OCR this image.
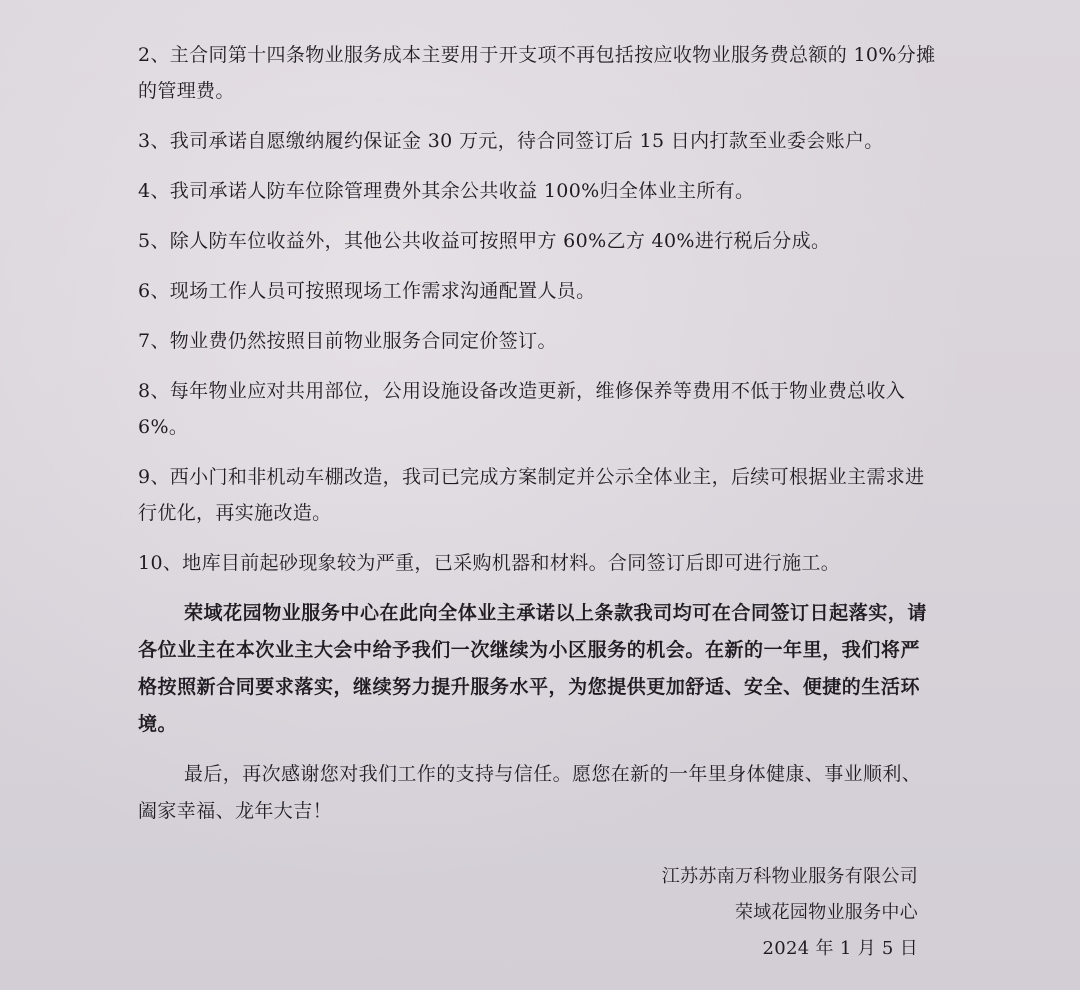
2、主合同第十四条物业服务成本主要用于开支项不再包括按应收物业服务费总额的 10%分摊的管理费。

3、我司承诺自愿缴纳履约保证金 30 万元，待合同签订后 15 日内打款至业委会账户。

4、我司承诺人防车位除管理费外其余公共收益 100%归全体业主所有。

5、除人防车位收益外，其他公共收益可按照甲方 60%乙方 40%进行税后分成。

6、现场工作人员可按照现场工作需求沟通配置人员。

7、物业费仍然按照目前物业服务合同定价签订。

8、每年物业应对共用部位，公用设施设备改造更新，维修保养等费用不低于物业费总收入 6%。

9、西小门和非机动车棚改造，我司已完成方案制定并公示全体业主，后续可根据业主需求进行优化，再实施改造。

10、地库目前起砂现象较为严重，已采购机器和材料。合同签订后即可进行施工。

荣域花园物业服务中心在此向全体业主承诺以上条款我司均可在合同签订日起落实，请各位业主在本次业主大会中给予我们一次继续为小区服务的机会。在新的一年里，我们将严格按照新合同要求落实，继续努力提升服务水平，为您提供更加舒适、安全、便捷的生活环境。

最后，再次感谢您对我们工作的支持与信任。愿您在新的一年里身体健康、事业顺利、阖家幸福、龙年大吉！

江苏苏南万科物业服务有限公司
荣域花园物业服务中心
2024 年 1 月 5 日
